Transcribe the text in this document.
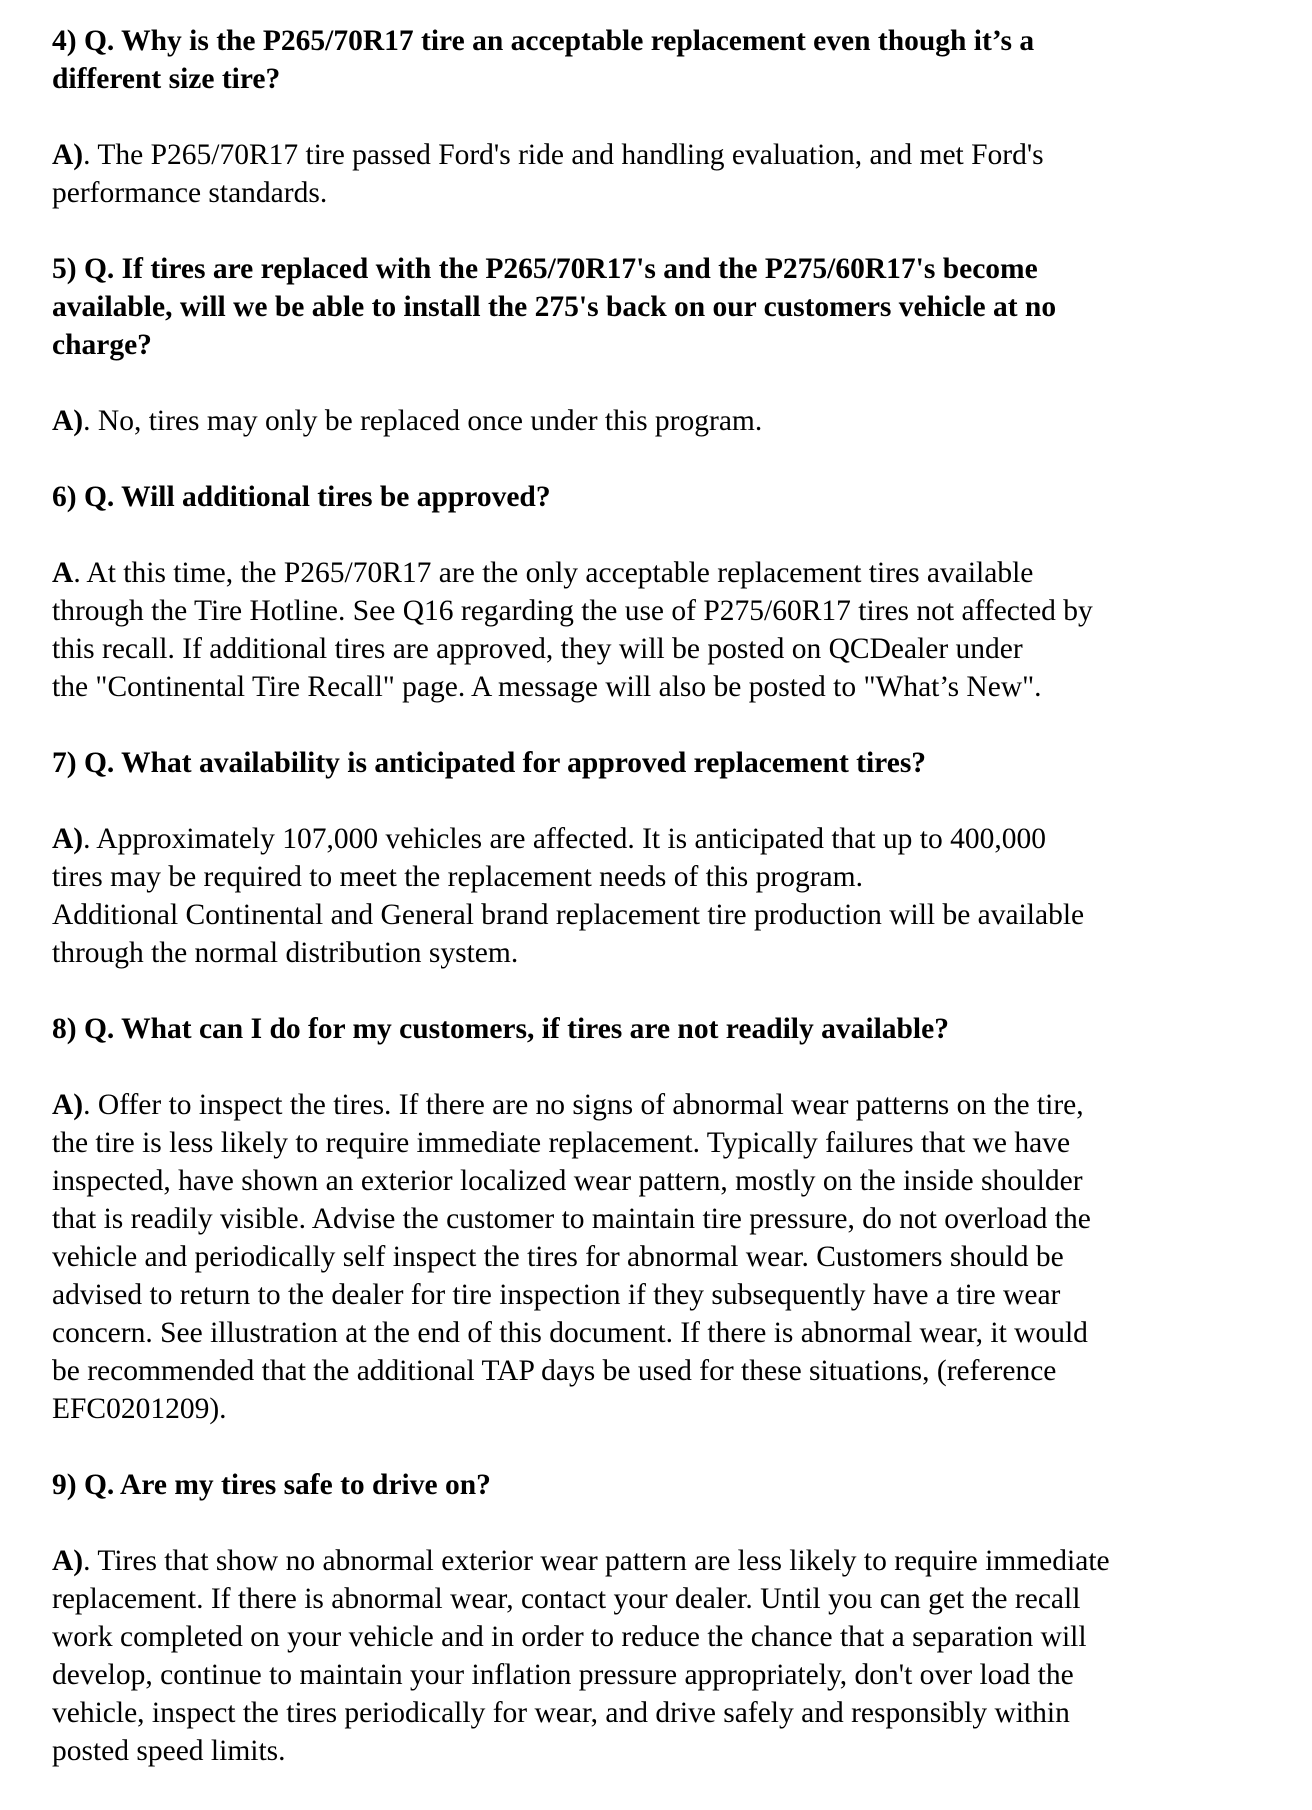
4) Q. Why is the P265/70R17 tire an acceptable replacement even though it’s a
different size tire?

A). The P265/70R17 tire passed Ford's ride and handling evaluation, and met Ford's
performance standards.

5) Q. If tires are replaced with the P265/70R17's and the P275/60R17's become
available, will we be able to install the 275's back on our customers vehicle at no
charge?

A). No, tires may only be replaced once under this program.

6) Q. Will additional tires be approved?

A. At this time, the P265/70R17 are the only acceptable replacement tires available
through the Tire Hotline. See Q16 regarding the use of P275/60R17 tires not affected by
this recall. If additional tires are approved, they will be posted on QCDealer under
the "Continental Tire Recall" page. A message will also be posted to "What’s New".

7) Q. What availability is anticipated for approved replacement tires?

A). Approximately 107,000 vehicles are affected. It is anticipated that up to 400,000
tires may be required to meet the replacement needs of this program.
Additional Continental and General brand replacement tire production will be available
through the normal distribution system.

8) Q. What can I do for my customers, if tires are not readily available?

A). Offer to inspect the tires. If there are no signs of abnormal wear patterns on the tire,
the tire is less likely to require immediate replacement. Typically failures that we have
inspected, have shown an exterior localized wear pattern, mostly on the inside shoulder
that is readily visible. Advise the customer to maintain tire pressure, do not overload the
vehicle and periodically self inspect the tires for abnormal wear. Customers should be
advised to return to the dealer for tire inspection if they subsequently have a tire wear
concern. See illustration at the end of this document. If there is abnormal wear, it would
be recommended that the additional TAP days be used for these situations, (reference
EFC0201209).

9) Q. Are my tires safe to drive on?

A). Tires that show no abnormal exterior wear pattern are less likely to require immediate
replacement. If there is abnormal wear, contact your dealer. Until you can get the recall
work completed on your vehicle and in order to reduce the chance that a separation will
develop, continue to maintain your inflation pressure appropriately, don't over load the
vehicle, inspect the tires periodically for wear, and drive safely and responsibly within
posted speed limits.
